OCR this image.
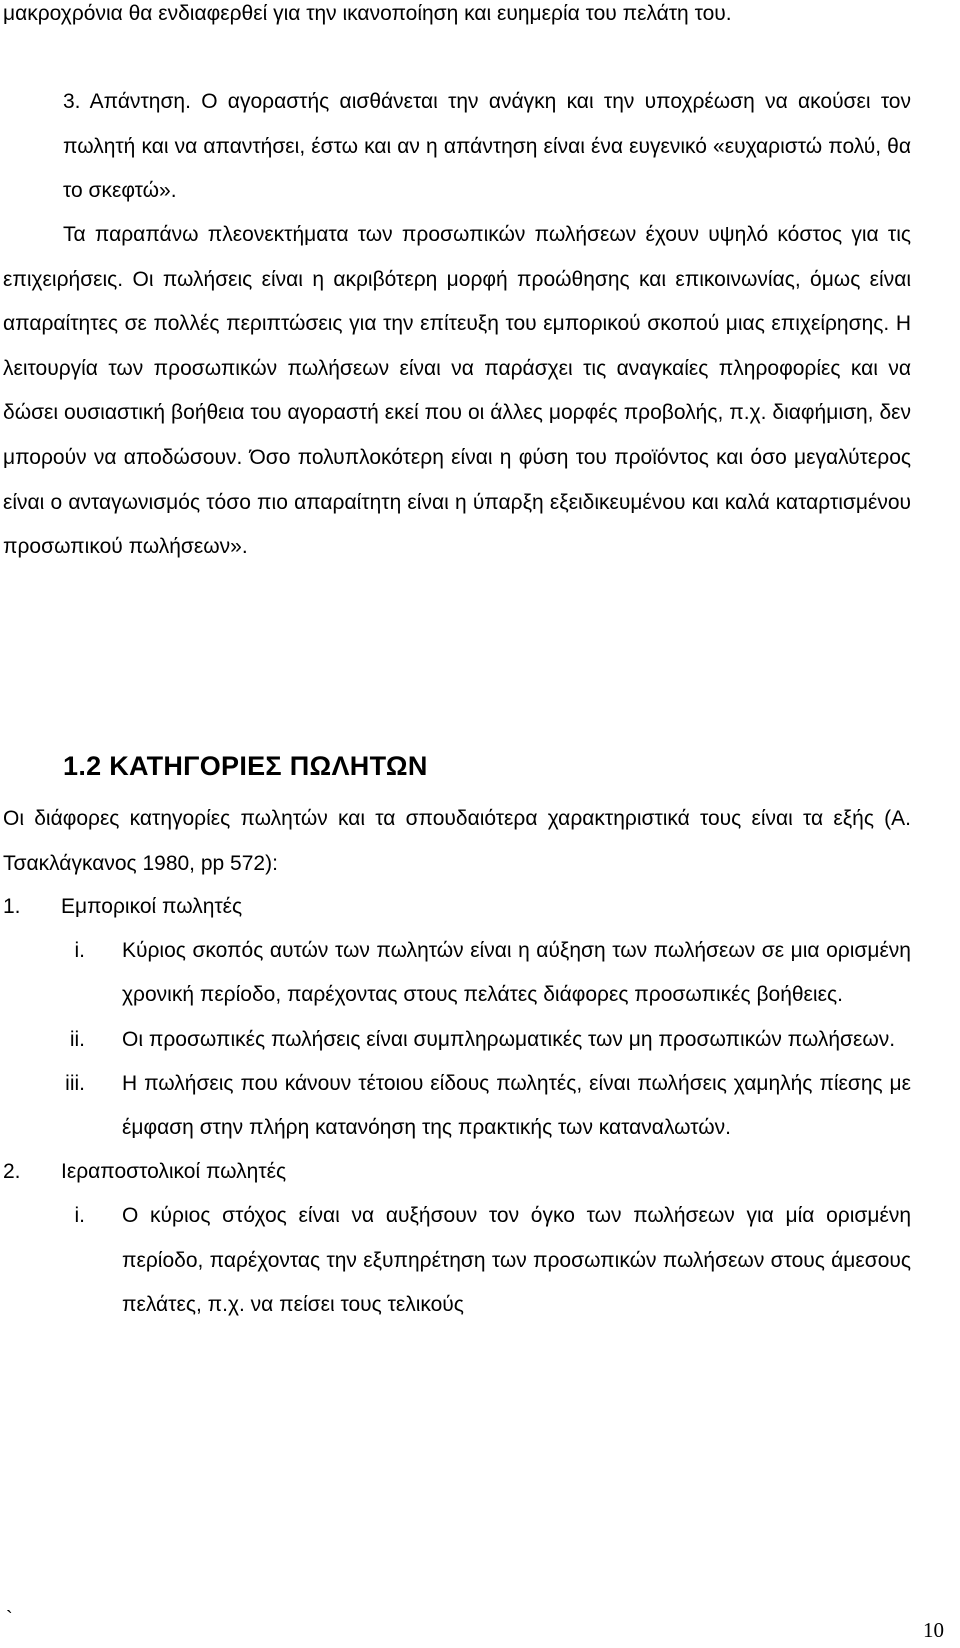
μακροχρόνια θα ενδιαφερθεί για την ικανοποίηση και ευημερία του πελάτη του.
3. Απάντηση. Ο αγοραστής αισθάνεται την ανάγκη και την υποχρέωση να ακούσει τον πωλητή και να απαντήσει, έστω και αν η απάντηση είναι ένα ευγενικό «ευχαριστώ πολύ, θα το σκεφτώ».
Τα παραπάνω πλεονεκτήματα των προσωπικών πωλήσεων έχουν υψηλό κόστος για τις επιχειρήσεις. Οι πωλήσεις είναι η ακριβότερη μορφή προώθησης και επικοινωνίας, όμως είναι απαραίτητες σε πολλές περιπτώσεις για την επίτευξη του εμπορικού σκοπού μιας επιχείρησης. Η λειτουργία των προσωπικών πωλήσεων είναι να παράσχει τις αναγκαίες πληροφορίες και να δώσει ουσιαστική βοήθεια του αγοραστή εκεί που οι άλλες μορφές προβολής, π.χ. διαφήμιση, δεν μπορούν να αποδώσουν. Όσο πολυπλοκότερη είναι η φύση του προϊόντος και όσο μεγαλύτερος είναι ο ανταγωνισμός τόσο πιο απαραίτητη είναι η ύπαρξη εξειδικευμένου και καλά καταρτισμένου προσωπικού πωλήσεων».
1.2 ΚΑΤΗΓΟΡΙΕΣ ΠΩΛΗΤΩΝ
Οι διάφορες κατηγορίες πωλητών και τα σπουδαιότερα χαρακτηριστικά τους είναι τα εξής (Α. Τσακλάγκανος 1980, pp 572):
1. Εμπορικοί πωλητές
i. Κύριος σκοπός αυτών των πωλητών είναι η αύξηση των πωλήσεων σε μια ορισμένη χρονική περίοδο, παρέχοντας στους πελάτες διάφορες προσωπικές βοήθειες.
ii. Οι προσωπικές πωλήσεις είναι συμπληρωματικές των μη προσωπικών πωλήσεων.
iii. Η πωλήσεις που κάνουν τέτοιου είδους πωλητές, είναι πωλήσεις χαμηλής πίεσης με έμφαση στην πλήρη κατανόηση της πρακτικής των καταναλωτών.
2. Ιεραποστολικοί πωλητές
i. Ο κύριος στόχος είναι να αυξήσουν τον όγκο των πωλήσεων για μία ορισμένη περίοδο, παρέχοντας την εξυπηρέτηση των προσωπικών πωλήσεων στους άμεσους πελάτες, π.χ. να πείσει τους τελικούς
`	10
